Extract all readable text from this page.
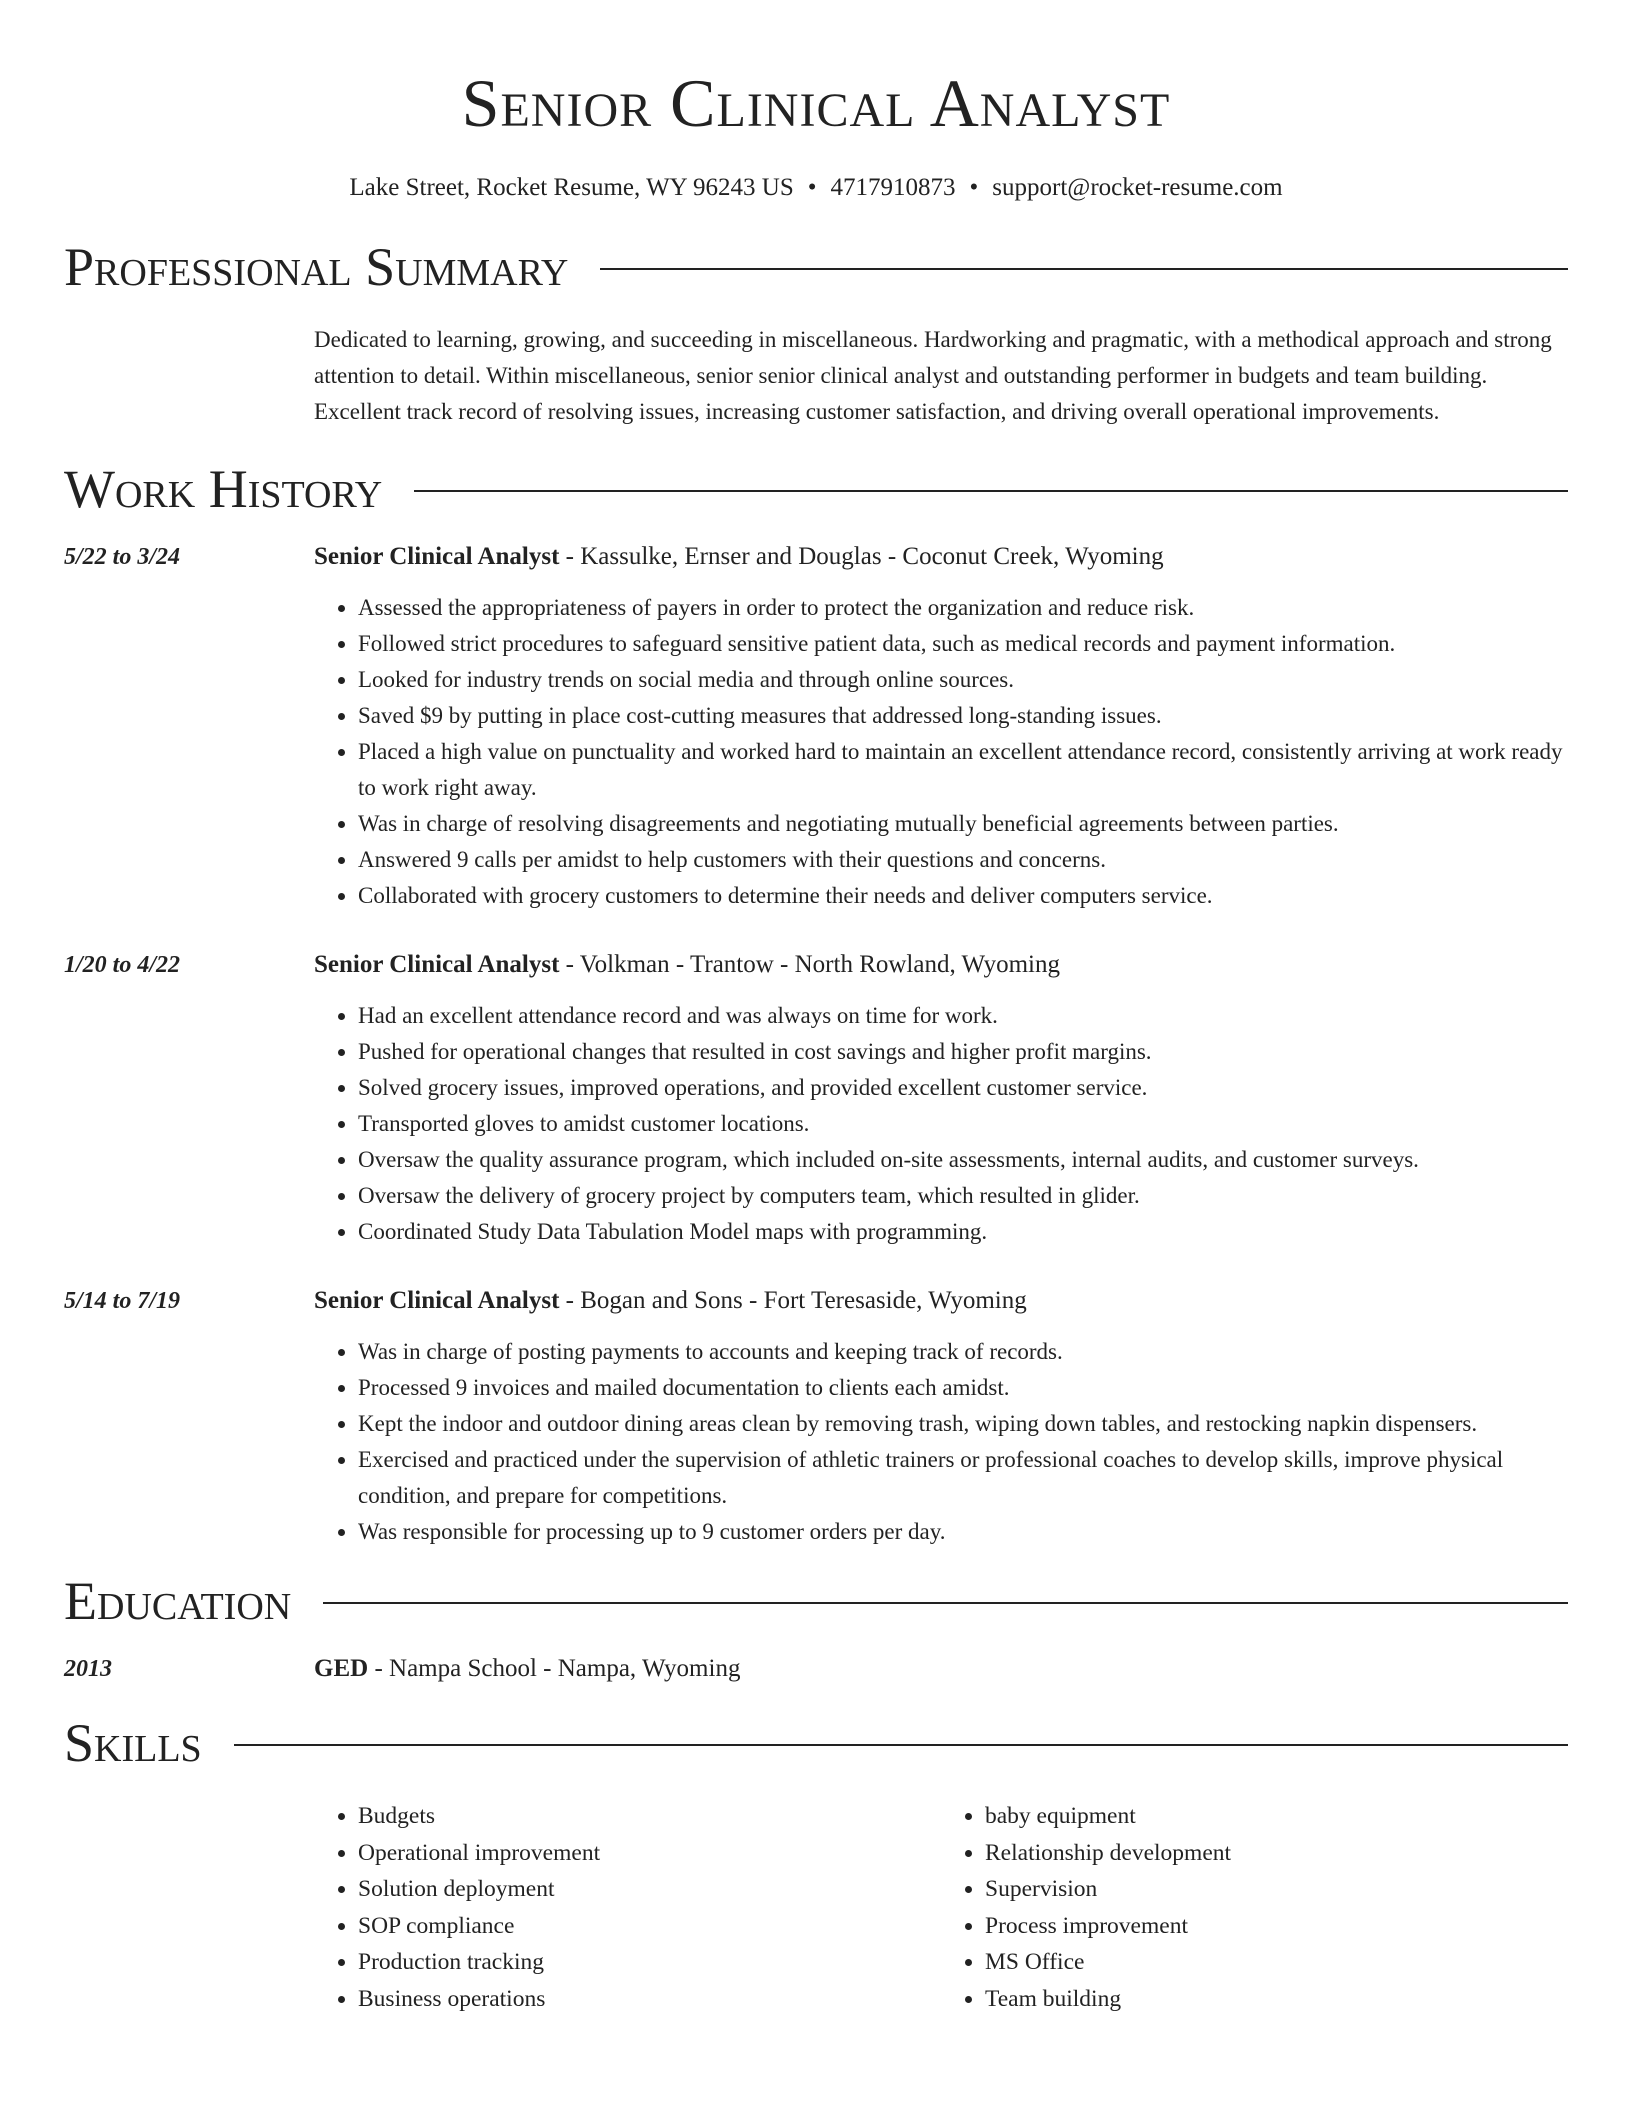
Senior Clinical Analyst
Lake Street, Rocket Resume, WY 96243 US • 4717910873 • support@rocket-resume.com
Professional Summary
Dedicated to learning, growing, and succeeding in miscellaneous. Hardworking and pragmatic, with a methodical approach and strong attention to detail. Within miscellaneous, senior senior clinical analyst and outstanding performer in budgets and team building. Excellent track record of resolving issues, increasing customer satisfaction, and driving overall operational improvements.
Work History
5/22 to 3/24	Senior Clinical Analyst - Kassulke, Ernser and Douglas - Coconut Creek, Wyoming
• Assessed the appropriateness of payers in order to protect the organization and reduce risk.
• Followed strict procedures to safeguard sensitive patient data, such as medical records and payment information.
• Looked for industry trends on social media and through online sources.
• Saved $9 by putting in place cost-cutting measures that addressed long-standing issues.
• Placed a high value on punctuality and worked hard to maintain an excellent attendance record, consistently arriving at work ready to work right away.
• Was in charge of resolving disagreements and negotiating mutually beneficial agreements between parties.
• Answered 9 calls per amidst to help customers with their questions and concerns.
• Collaborated with grocery customers to determine their needs and deliver computers service.
1/20 to 4/22	Senior Clinical Analyst - Volkman - Trantow - North Rowland, Wyoming
• Had an excellent attendance record and was always on time for work.
• Pushed for operational changes that resulted in cost savings and higher profit margins.
• Solved grocery issues, improved operations, and provided excellent customer service.
• Transported gloves to amidst customer locations.
• Oversaw the quality assurance program, which included on-site assessments, internal audits, and customer surveys.
• Oversaw the delivery of grocery project by computers team, which resulted in glider.
• Coordinated Study Data Tabulation Model maps with programming.
5/14 to 7/19	Senior Clinical Analyst - Bogan and Sons - Fort Teresaside, Wyoming
• Was in charge of posting payments to accounts and keeping track of records.
• Processed 9 invoices and mailed documentation to clients each amidst.
• Kept the indoor and outdoor dining areas clean by removing trash, wiping down tables, and restocking napkin dispensers.
• Exercised and practiced under the supervision of athletic trainers or professional coaches to develop skills, improve physical condition, and prepare for competitions.
• Was responsible for processing up to 9 customer orders per day.
Education
2013	GED - Nampa School - Nampa, Wyoming
Skills
• Budgets
• Operational improvement
• Solution deployment
• SOP compliance
• Production tracking
• Business operations
• baby equipment
• Relationship development
• Supervision
• Process improvement
• MS Office
• Team building
